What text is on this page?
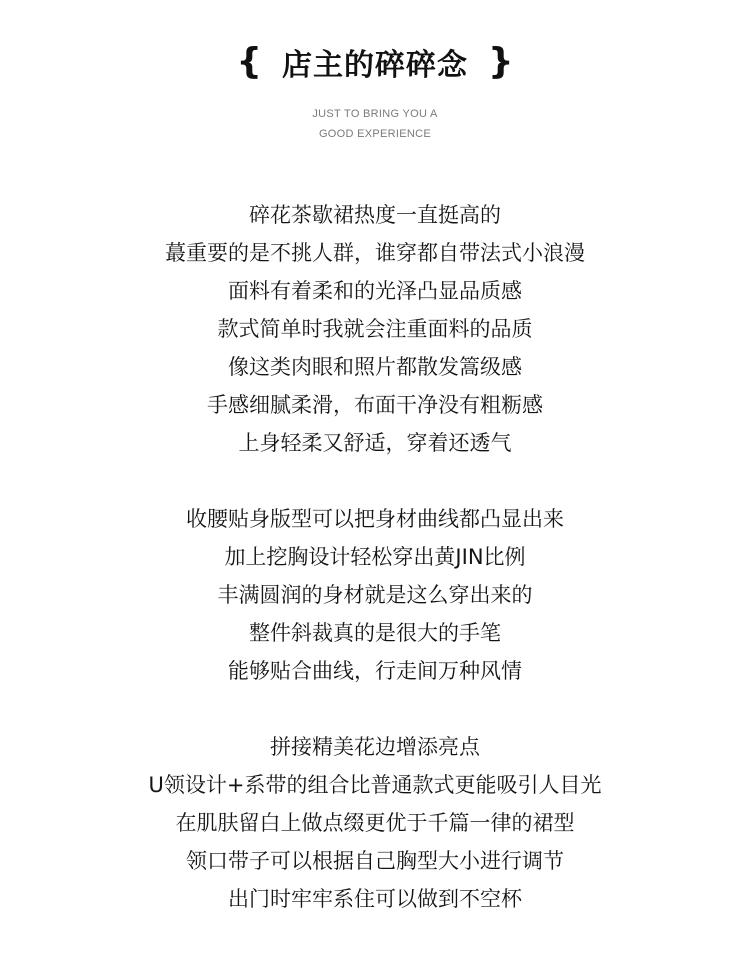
{ 店主的碎碎念 }
JUST TO BRING YOU A
GOOD EXPERIENCE
碎花茶歇裙热度一直挺高的
蕞重要的是不挑人群，谁穿都自带法式小浪漫
面料有着柔和的光泽凸显品质感
款式简单时我就会注重面料的品质
像这类肉眼和照片都散发篙级感
手感细腻柔滑，布面干净没有粗粝感
上身轻柔又舒适，穿着还透气
收腰贴身版型可以把身材曲线都凸显出来
加上挖胸设计轻松穿出黄JIN比例
丰满圆润的身材就是这么穿出来的
整件斜裁真的是很大的手笔
能够贴合曲线，行走间万种风情
拼接精美花边增添亮点
U领设计+系带的组合比普通款式更能吸引人目光
在肌肤留白上做点缀更优于千篇一律的裙型
领口带子可以根据自己胸型大小进行调节
出门时牢牢系住可以做到不空杯
